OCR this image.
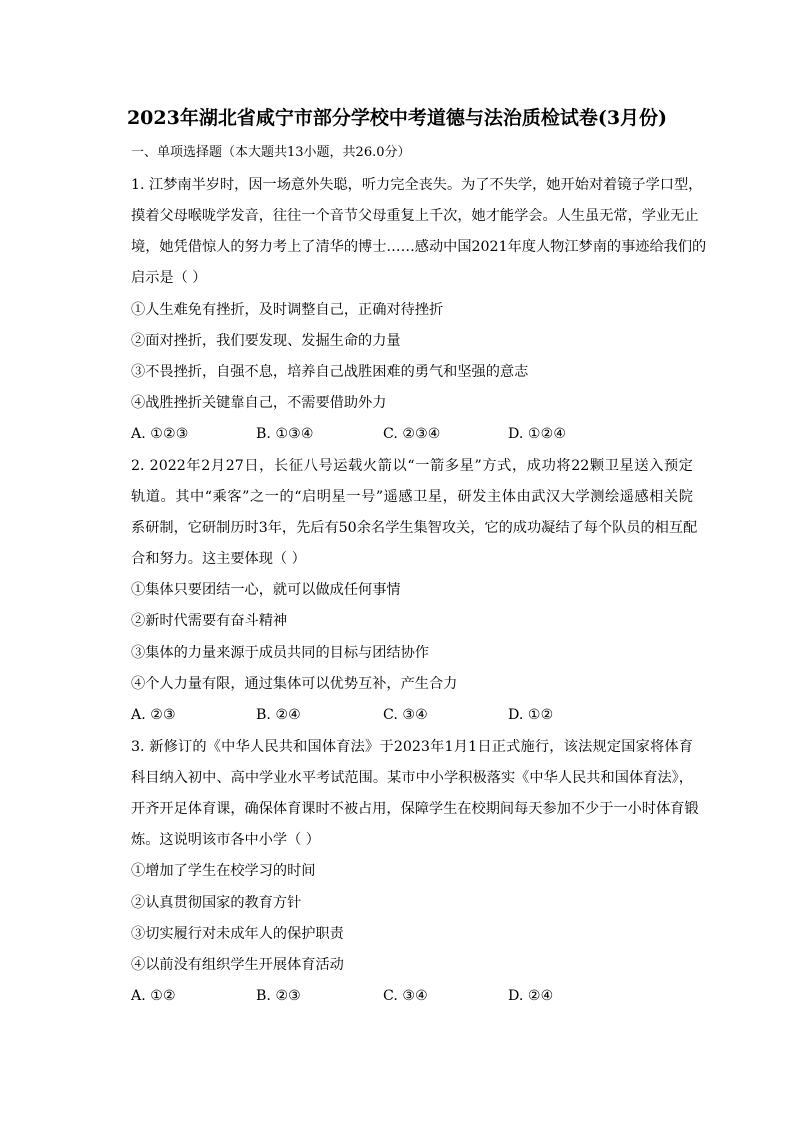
2023年湖北省咸宁市部分学校中考道德与法治质检试卷(3月份)
一、单项选择题（本大题共13小题，共26.0分）
1. 江梦南半岁时，因一场意外失聪，听力完全丧失。为了不失学，她开始对着镜子学口型，
摸着父母喉咙学发音，往往一个音节父母重复上千次，她才能学会。人生虽无常，学业无止
境，她凭借惊人的努力考上了清华的博士……感动中国2021年度人物江梦南的事迹给我们的
启示是（ ）
①人生难免有挫折，及时调整自己，正确对待挫折
②面对挫折，我们要发现、发掘生命的力量
③不畏挫折，自强不息，培养自己战胜困难的勇气和坚强的意志
④战胜挫折关键靠自己，不需要借助外力
A. ①②③	B. ①③④	C. ②③④	D. ①②④
2. 2022年2月27日，长征八号运载火箭以“一箭多星”方式，成功将22颗卫星送入预定
轨道。其中“乘客”之一的“启明星一号”遥感卫星，研发主体由武汉大学测绘遥感相关院
系研制，它研制历时3年，先后有50余名学生集智攻关，它的成功凝结了每个队员的相互配
合和努力。这主要体现（ ）
①集体只要团结一心，就可以做成任何事情
②新时代需要有奋斗精神
③集体的力量来源于成员共同的目标与团结协作
④个人力量有限，通过集体可以优势互补，产生合力
A. ②③	B. ②④	C. ③④	D. ①②
3. 新修订的《中华人民共和国体育法》于2023年1月1日正式施行，该法规定国家将体育
科目纳入初中、高中学业水平考试范围。某市中小学积极落实《中华人民共和国体育法》，
开齐开足体育课，确保体育课时不被占用，保障学生在校期间每天参加不少于一小时体育锻
炼。这说明该市各中小学（ ）
①增加了学生在校学习的时间
②认真贯彻国家的教育方针
③切实履行对未成年人的保护职责
④以前没有组织学生开展体育活动
A. ①②	B. ②③	C. ③④	D. ②④
